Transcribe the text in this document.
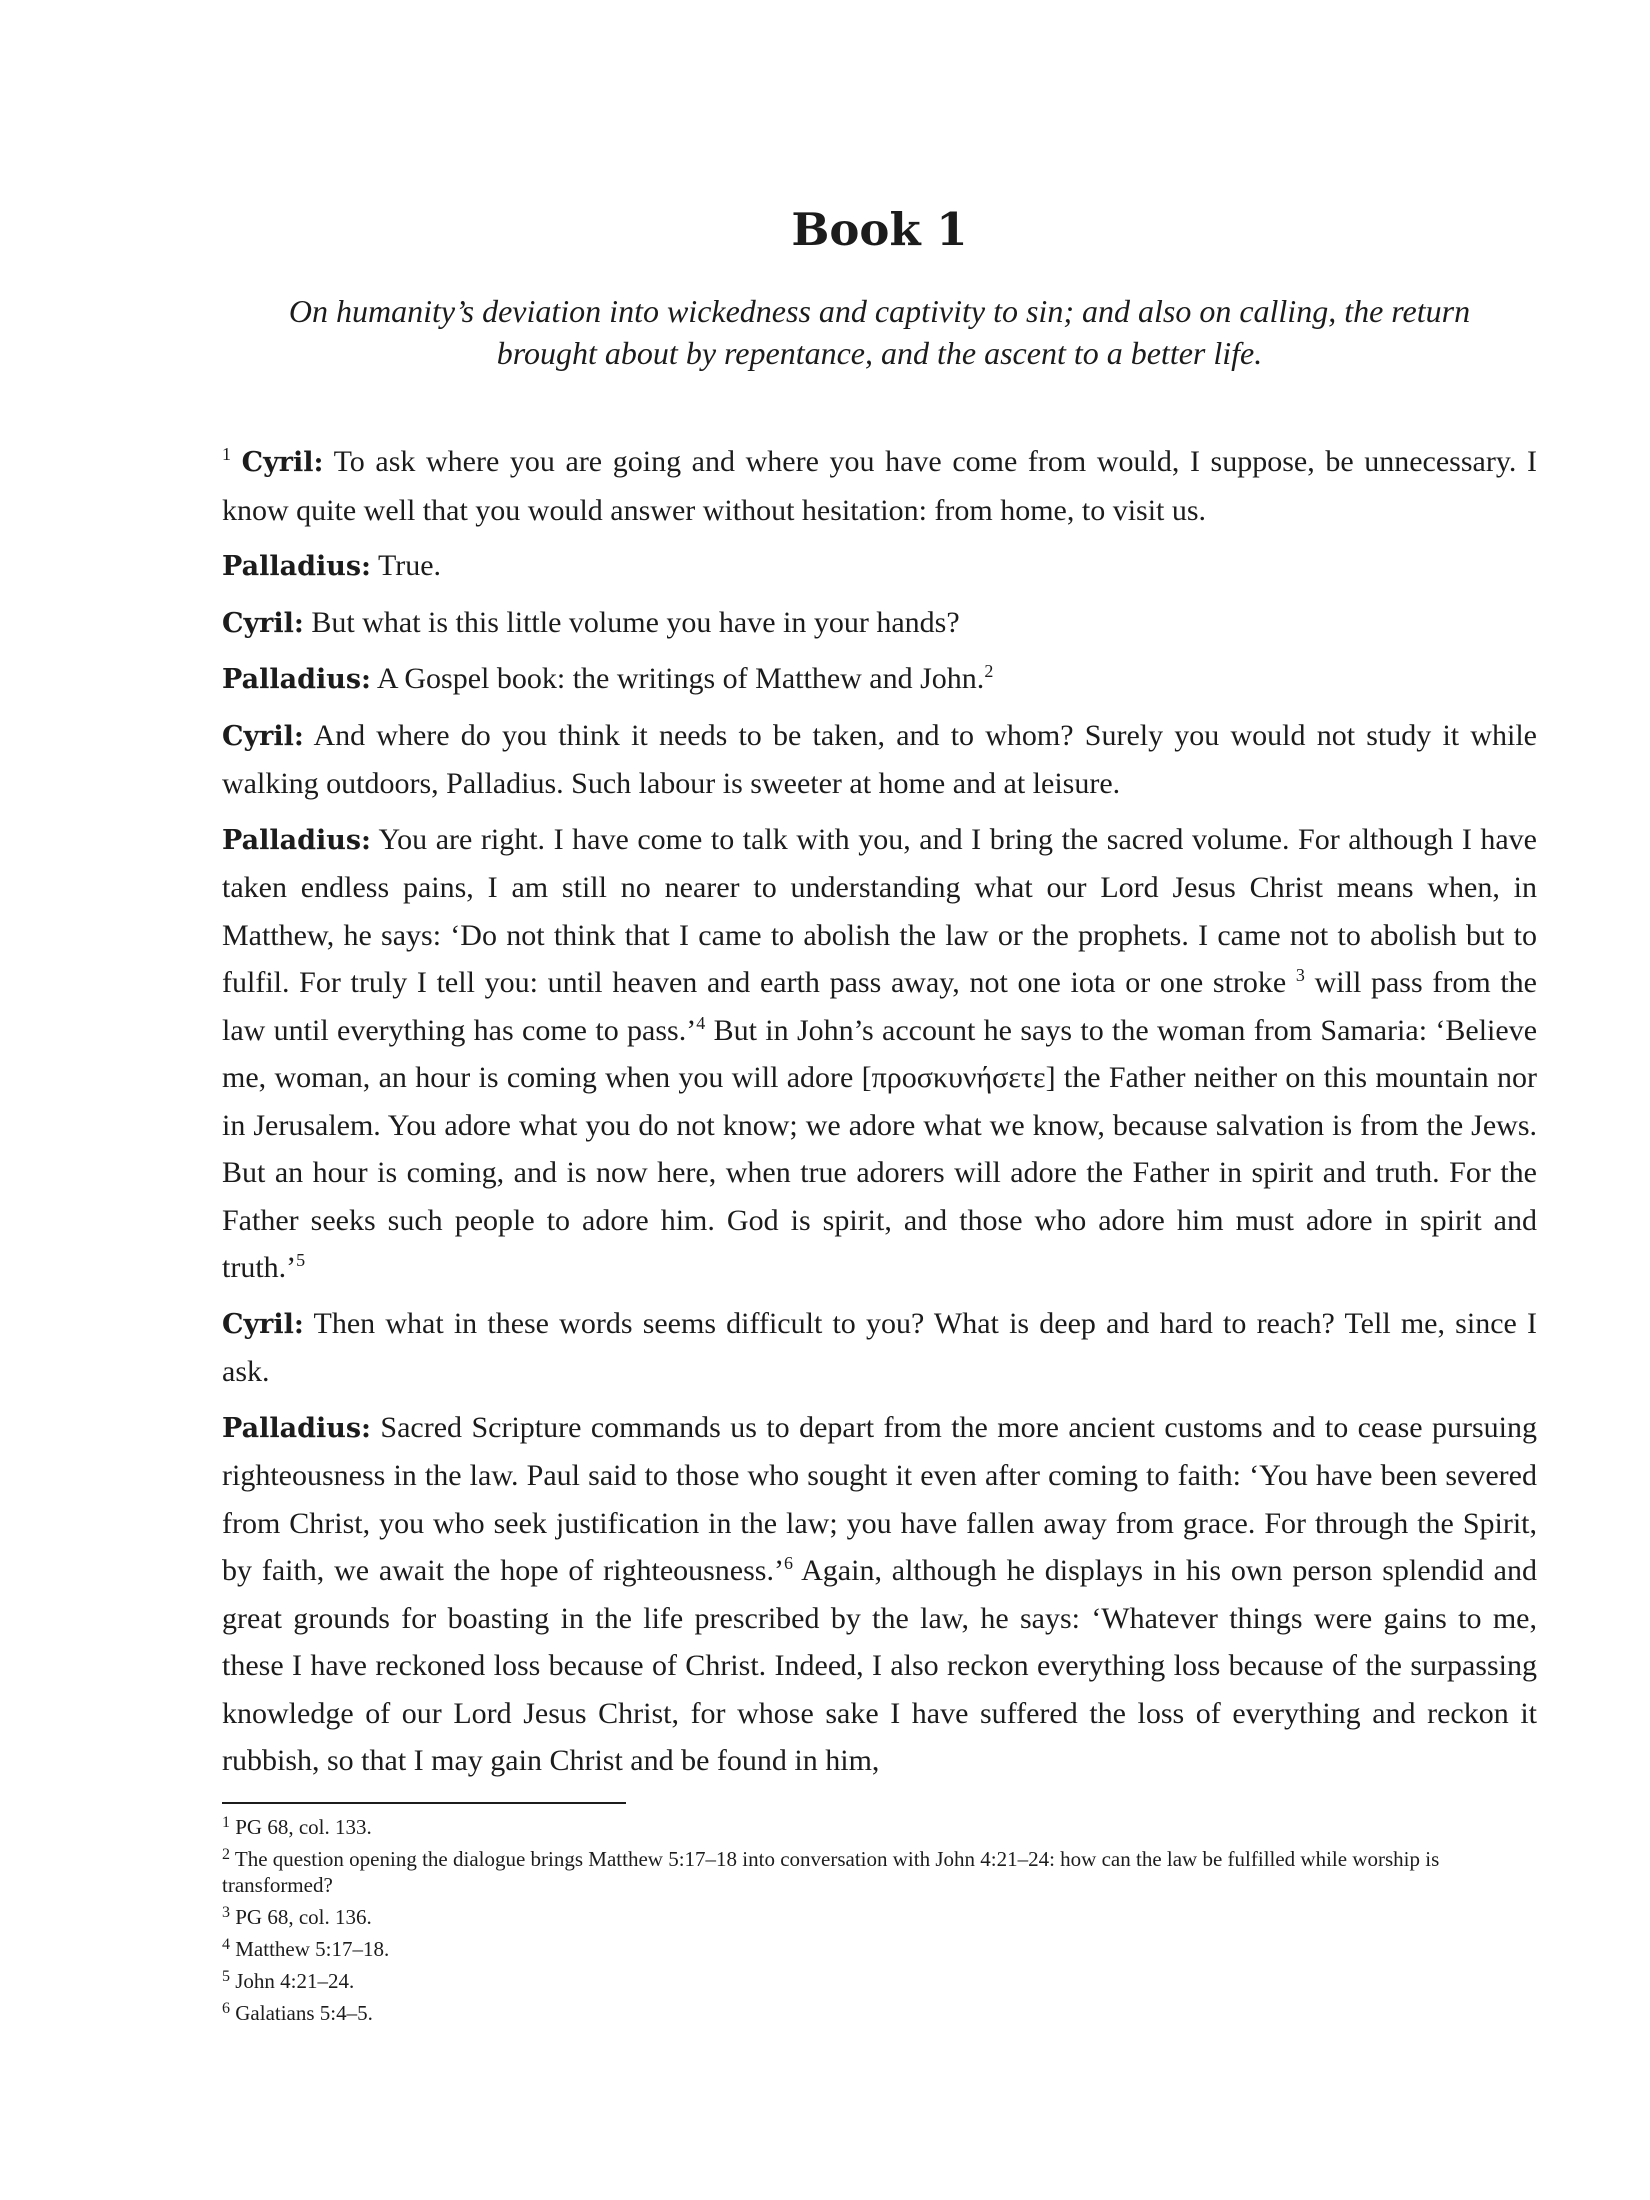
Book 1

On humanity’s deviation into wickedness and captivity to sin; and also on calling, the return brought about by repentance, and the ascent to a better life.

$^1$ Cyril: To ask where you are going and where you have come from would, I suppose, be unnecessary. I know quite well that you would answer without hesitation: from home, to visit us.

Palladius: True.

Cyril: But what is this little volume you have in your hands?

Palladius: A Gospel book: the writings of Matthew and John.$^2$

Cyril: And where do you think it needs to be taken, and to whom? Surely you would not study it while walking outdoors, Palladius. Such labour is sweeter at home and at leisure.

Palladius: You are right. I have come to talk with you, and I bring the sacred volume. For although I have taken endless pains, I am still no nearer to understanding what our Lord Jesus Christ means when, in Matthew, he says: ‘Do not think that I came to abolish the law or the prophets. I came not to abolish but to fulfil. For truly I tell you: until heaven and earth pass away, not one iota or one stroke $^3$ will pass from the law until everything has come to pass.’$^4$ But in John’s account he says to the woman from Samaria: ‘Believe me, woman, an hour is coming when you will adore [προσκυνήσετε] the Father neither on this mountain nor in Jerusalem. You adore what you do not know; we adore what we know, because salvation is from the Jews. But an hour is coming, and is now here, when true adorers will adore the Father in spirit and truth. For the Father seeks such people to adore him. God is spirit, and those who adore him must adore in spirit and truth.’$^5$

Cyril: Then what in these words seems difficult to you? What is deep and hard to reach? Tell me, since I ask.

Palladius: Sacred Scripture commands us to depart from the more ancient customs and to cease pursuing righteousness in the law. Paul said to those who sought it even after coming to faith: ‘You have been severed from Christ, you who seek justification in the law; you have fallen away from grace. For through the Spirit, by faith, we await the hope of righteousness.’$^6$ Again, although he displays in his own person splendid and great grounds for boasting in the life prescribed by the law, he says: ‘Whatever things were gains to me, these I have reckoned loss because of Christ. Indeed, I also reckon everything loss because of the surpassing knowledge of our Lord Jesus Christ, for whose sake I have suffered the loss of everything and reckon it rubbish, so that I may gain Christ and be found in him,

$^1$ PG 68, col. 133.

$^2$ The question opening the dialogue brings Matthew 5:17–18 into conversation with John 4:21–24: how can the law be fulfilled while worship is transformed?

$^3$ PG 68, col. 136.

$^4$ Matthew 5:17–18.

$^5$ John 4:21–24.

$^6$ Galatians 5:4–5.
